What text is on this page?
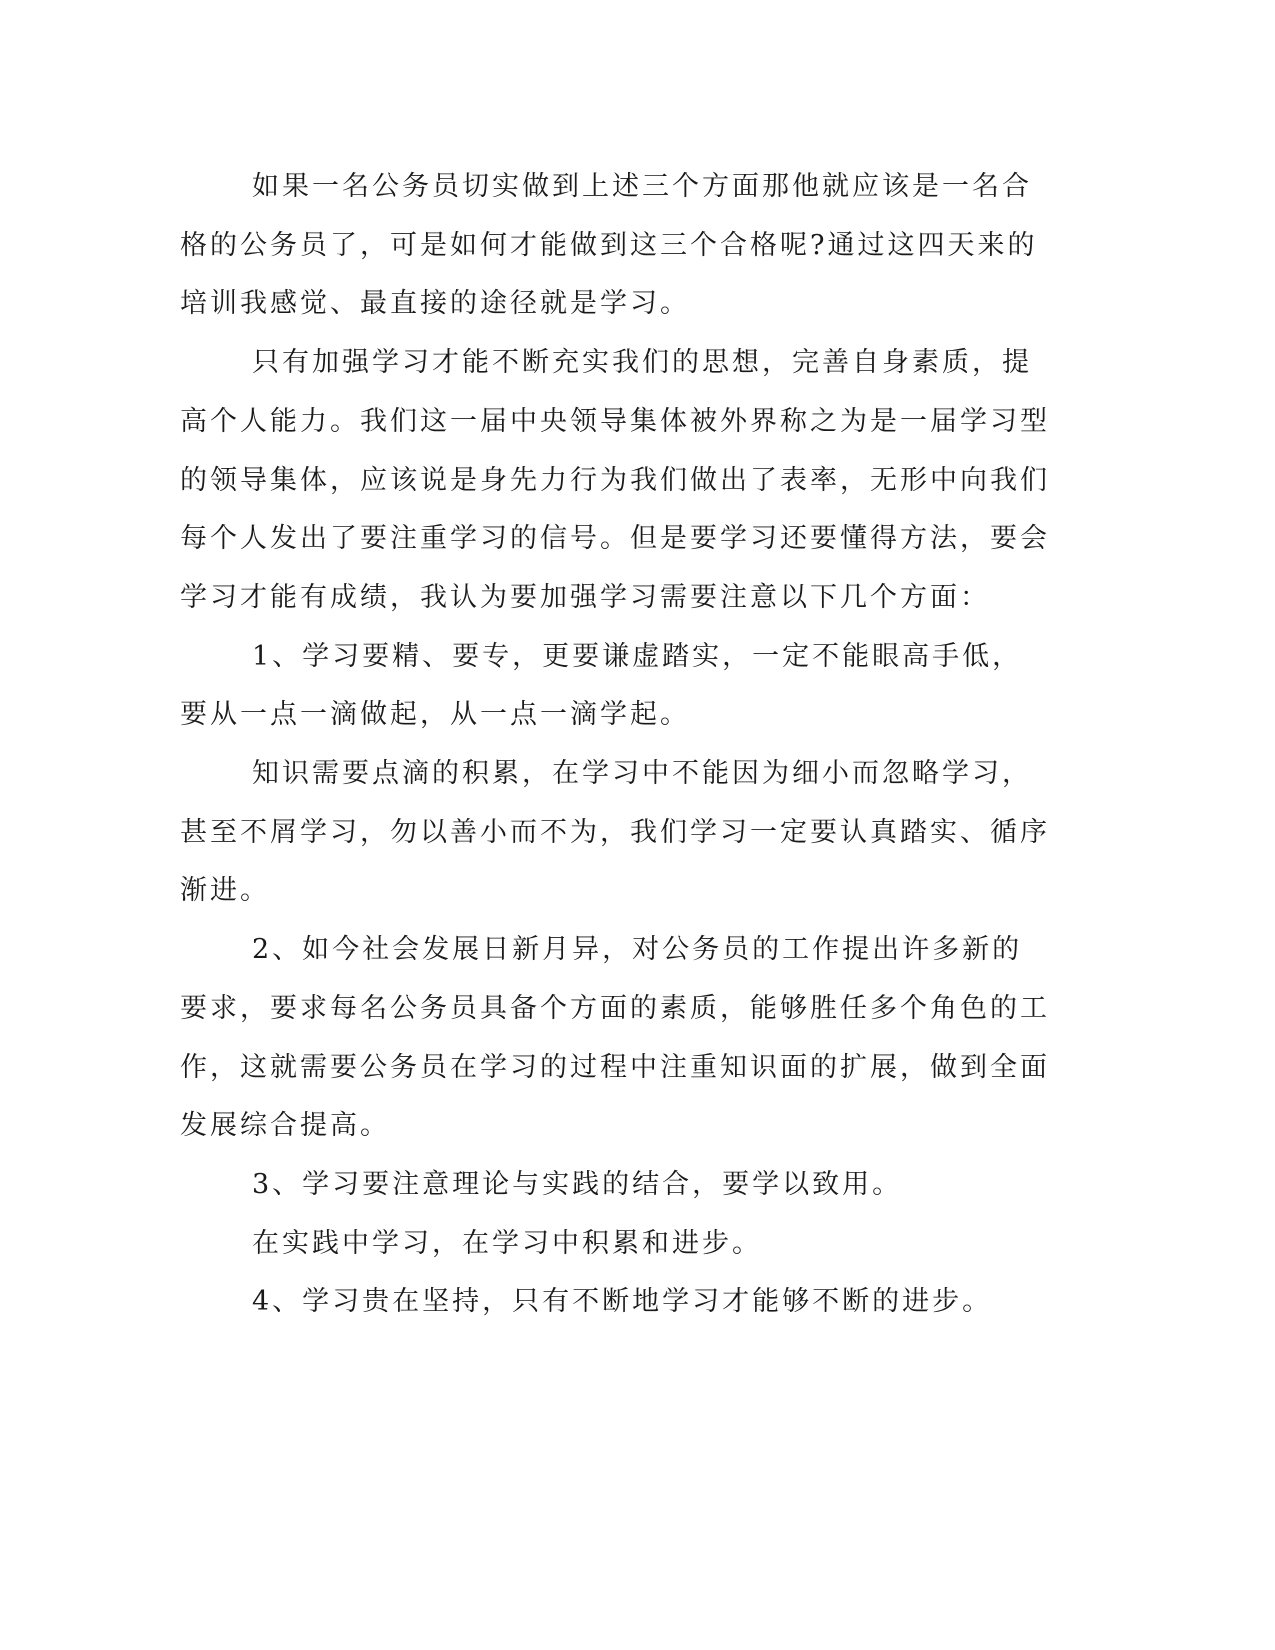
如果一名公务员切实做到上述三个方面那他就应该是一名合格的公务员了，可是如何才能做到这三个合格呢?通过这四天来的培训我感觉、最直接的途径就是学习。

只有加强学习才能不断充实我们的思想，完善自身素质，提高个人能力。我们这一届中央领导集体被外界称之为是一届学习型的领导集体，应该说是身先力行为我们做出了表率，无形中向我们每个人发出了要注重学习的信号。但是要学习还要懂得方法，要会学习才能有成绩，我认为要加强学习需要注意以下几个方面：

1、学习要精、要专，更要谦虚踏实，一定不能眼高手低，要从一点一滴做起，从一点一滴学起。

知识需要点滴的积累，在学习中不能因为细小而忽略学习，甚至不屑学习，勿以善小而不为，我们学习一定要认真踏实、循序渐进。

2、如今社会发展日新月异，对公务员的工作提出许多新的要求，要求每名公务员具备个方面的素质，能够胜任多个角色的工作，这就需要公务员在学习的过程中注重知识面的扩展，做到全面发展综合提高。

3、学习要注意理论与实践的结合，要学以致用。

在实践中学习，在学习中积累和进步。

4、学习贵在坚持，只有不断地学习才能够不断的进步。
